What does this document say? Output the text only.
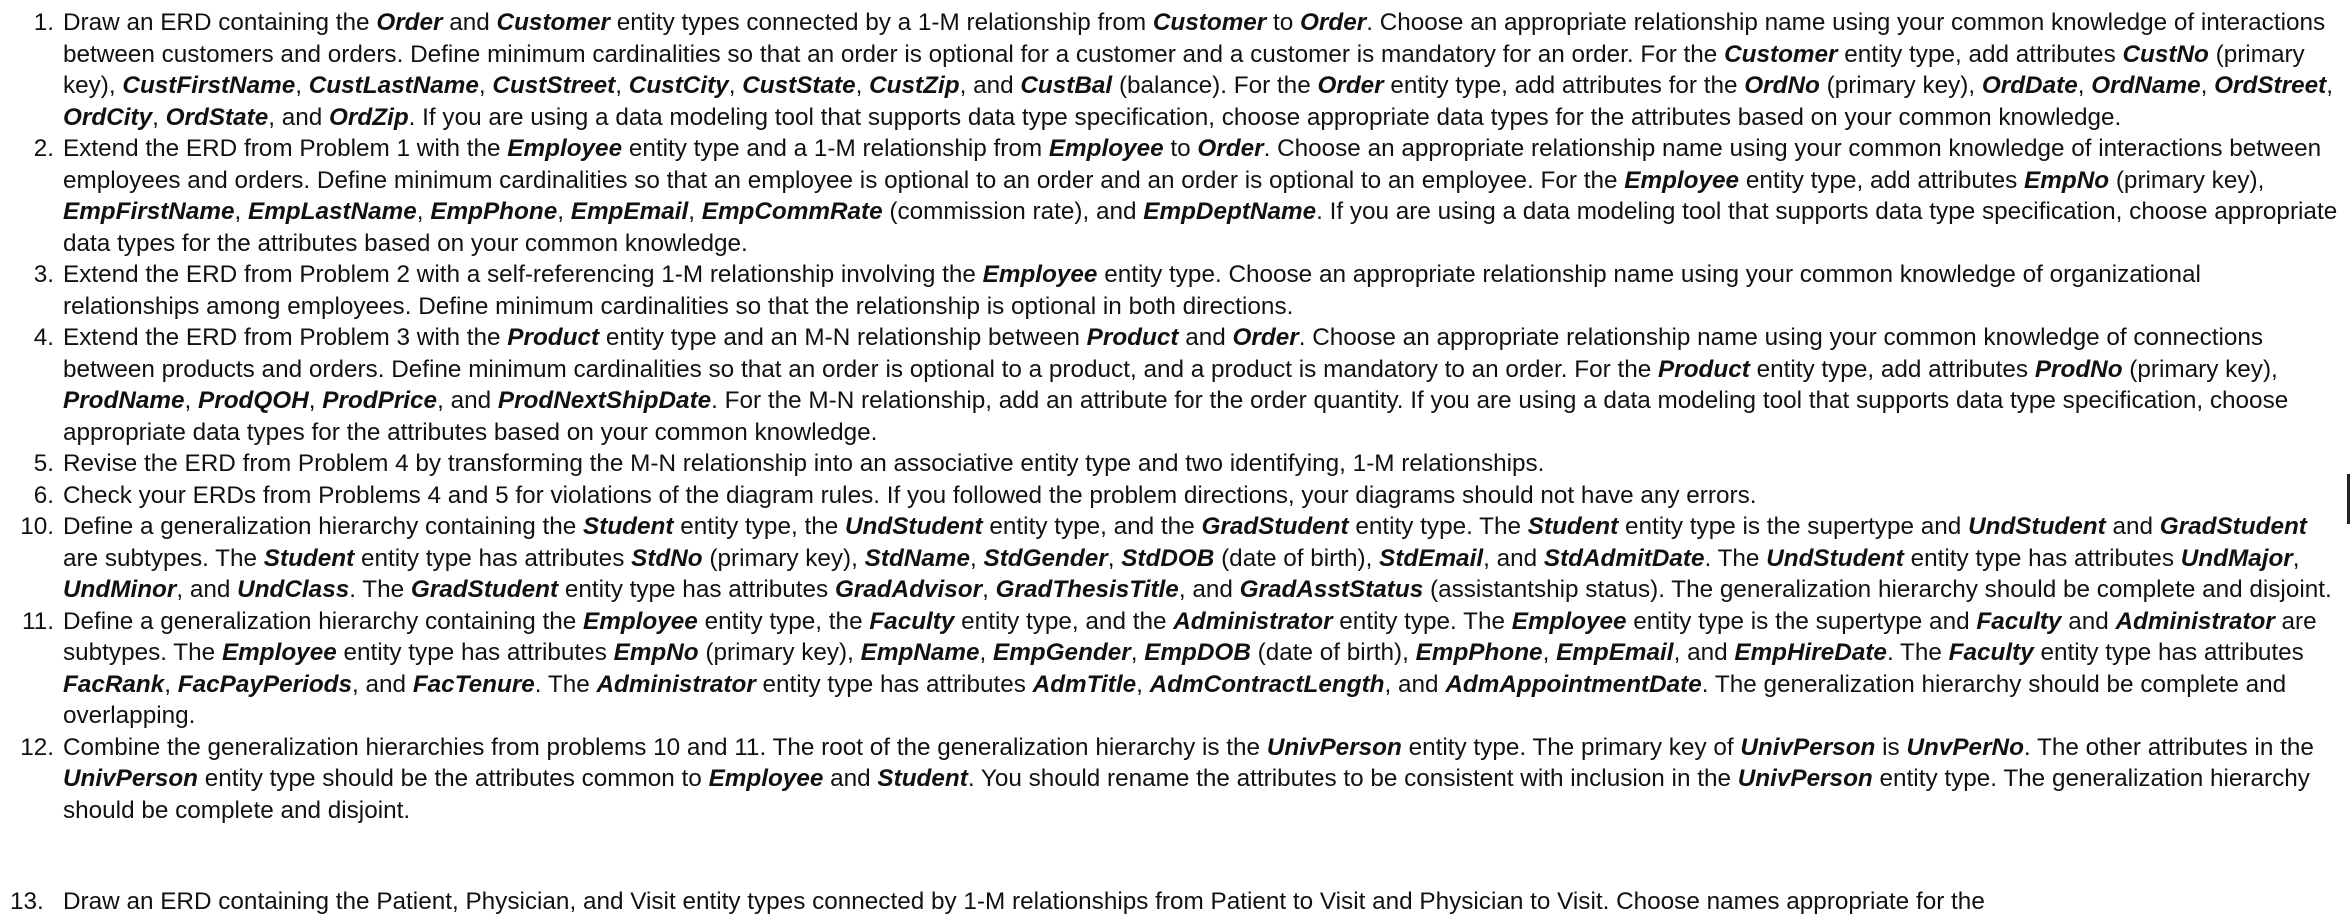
1. Draw an ERD containing the Order and Customer entity types connected by a 1-M relationship from Customer to Order. Choose an appropriate relationship name using your common knowledge of interactions between customers and orders. Define minimum cardinalities so that an order is optional for a customer and a customer is mandatory for an order. For the Customer entity type, add attributes CustNo (primary key), CustFirstName, CustLastName, CustStreet, CustCity, CustState, CustZip, and CustBal (balance). For the Order entity type, add attributes for the OrdNo (primary key), OrdDate, OrdName, OrdStreet, OrdCity, OrdState, and OrdZip. If you are using a data modeling tool that supports data type specification, choose appropriate data types for the attributes based on your common knowledge.
2. Extend the ERD from Problem 1 with the Employee entity type and a 1-M relationship from Employee to Order. Choose an appropriate relationship name using your common knowledge of interactions between employees and orders. Define minimum cardinalities so that an employee is optional to an order and an order is optional to an employee. For the Employee entity type, add attributes EmpNo (primary key), EmpFirstName, EmpLastName, EmpPhone, EmpEmail, EmpCommRate (commission rate), and EmpDeptName. If you are using a data modeling tool that supports data type specification, choose appropriate data types for the attributes based on your common knowledge.
3. Extend the ERD from Problem 2 with a self-referencing 1-M relationship involving the Employee entity type. Choose an appropriate relationship name using your common knowledge of organizational relationships among employees. Define minimum cardinalities so that the relationship is optional in both directions.
4. Extend the ERD from Problem 3 with the Product entity type and an M-N relationship between Product and Order. Choose an appropriate relationship name using your common knowledge of connections between products and orders. Define minimum cardinalities so that an order is optional to a product, and a product is mandatory to an order. For the Product entity type, add attributes ProdNo (primary key), ProdName, ProdQOH, ProdPrice, and ProdNextShipDate. For the M-N relationship, add an attribute for the order quantity. If you are using a data modeling tool that supports data type specification, choose appropriate data types for the attributes based on your common knowledge.
5. Revise the ERD from Problem 4 by transforming the M-N relationship into an associative entity type and two identifying, 1-M relationships.
6. Check your ERDs from Problems 4 and 5 for violations of the diagram rules. If you followed the problem directions, your diagrams should not have any errors.
10. Define a generalization hierarchy containing the Student entity type, the UndStudent entity type, and the GradStudent entity type. The Student entity type is the supertype and UndStudent and GradStudent are subtypes. The Student entity type has attributes StdNo (primary key), StdName, StdGender, StdDOB (date of birth), StdEmail, and StdAdmitDate. The UndStudent entity type has attributes UndMajor, UndMinor, and UndClass. The GradStudent entity type has attributes GradAdvisor, GradThesisTitle, and GradAsstStatus (assistantship status). The generalization hierarchy should be complete and disjoint.
11. Define a generalization hierarchy containing the Employee entity type, the Faculty entity type, and the Administrator entity type. The Employee entity type is the supertype and Faculty and Administrator are subtypes. The Employee entity type has attributes EmpNo (primary key), EmpName, EmpGender, EmpDOB (date of birth), EmpPhone, EmpEmail, and EmpHireDate. The Faculty entity type has attributes FacRank, FacPayPeriods, and FacTenure. The Administrator entity type has attributes AdmTitle, AdmContractLength, and AdmAppointmentDate. The generalization hierarchy should be complete and overlapping.
12. Combine the generalization hierarchies from problems 10 and 11. The root of the generalization hierarchy is the UnivPerson entity type. The primary key of UnivPerson is UnvPerNo. The other attributes in the UnivPerson entity type should be the attributes common to Employee and Student. You should rename the attributes to be consistent with inclusion in the UnivPerson entity type. The generalization hierarchy should be complete and disjoint.
13. Draw an ERD containing the Patient, Physician, and Visit entity types connected by 1-M relationships from Patient to Visit and Physician to Visit. Choose names appropriate for the
